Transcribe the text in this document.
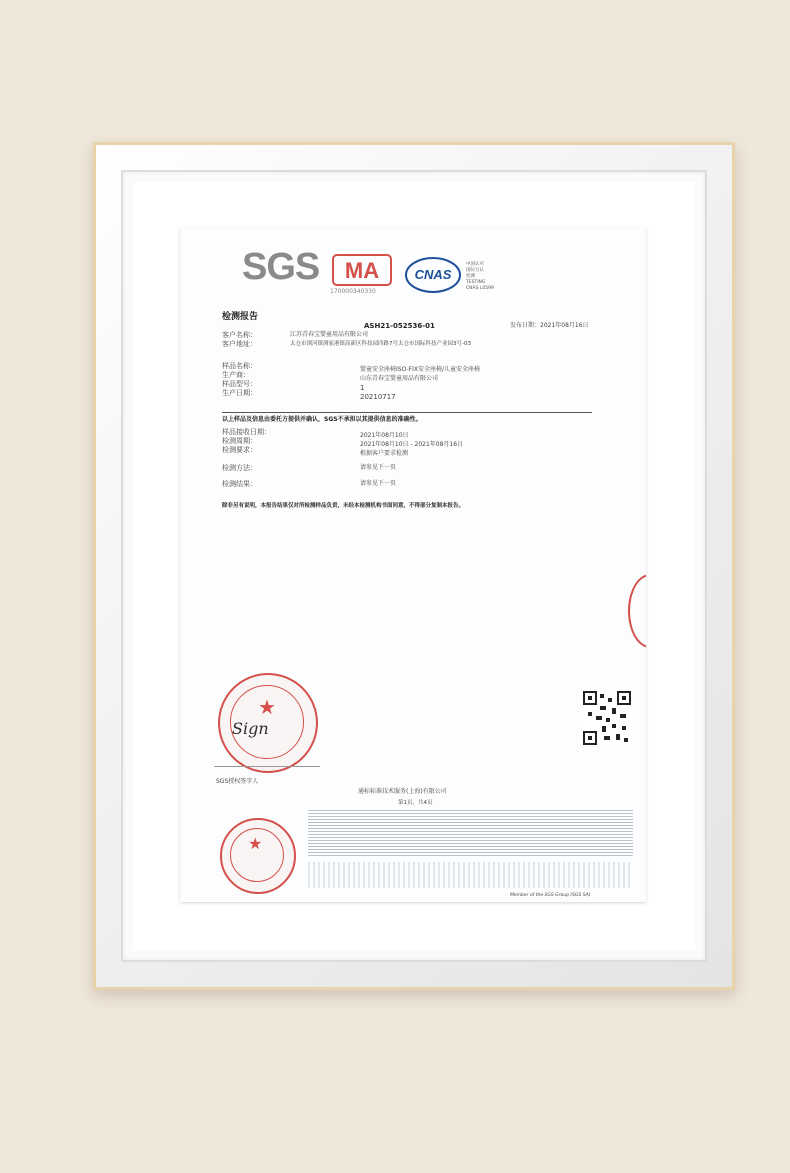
SGS MA
170000340330
CNAS
中国认可
国际互认
检测
TESTING
CNAS L0599
检测报告
ASH21-052536-01	发布日期：2021年08月16日
客户名称：
客户地址：
江苏青春宝婴童用品有限公司
太仓市浏河镇浏家港镇高新区科技园四路7号太仓市国际科技产业园3号-03
样品名称：
生产商：
样品型号：
生产日期：
婴童安全座椅ISO-FIX安全座椅/儿童安全座椅
山东青春宝婴童用品有限公司
1
20210717
以上样品及信息由委托方提供并确认，SGS不承担以其提供信息的准确性。
样品接收日期：
检测周期：
检测要求：
检测方法：
检测结果：
2021年08月10日
2021年08月10日 - 2021年08月16日
根据客户要求检测
请参见下一页
请参见下一页
除非另有说明，本报告结果仅对所检测样品负责，未经本检测机构书面同意，不得部分复制本报告。
★
Sign
SGS授权签字人
通标标准技术服务(上海)有限公司
第1页，共4页
★
Member of the SGS Group (SGS SA)
